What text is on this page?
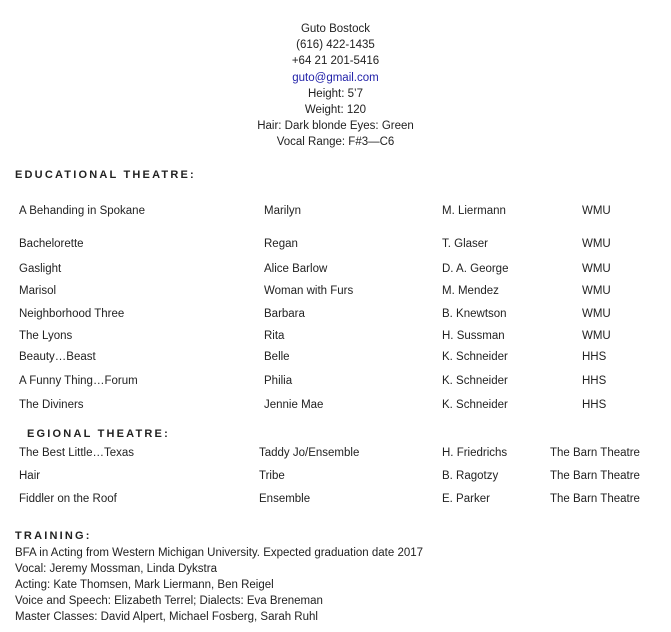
Guto Bostock
(616) 422-1435
+64 21 201-5416
guto@gmail.com
Height: 5’7
Weight: 120
Hair: Dark blonde Eyes: Green
Vocal Range: F#3—C6
EDUCATIONAL THEATRE:
A Behanding in Spokane	Marilyn	M. Liermann	WMU
Bachelorette	Regan	T. Glaser	WMU
Gaslight	Alice Barlow	D. A. George	WMU
Marisol	Woman with Furs	M. Mendez	WMU
Neighborhood Three	Barbara	B. Knewtson	WMU
The Lyons	Rita	H. Sussman	WMU
Beauty…Beast	Belle	K. Schneider	HHS
A Funny Thing…Forum	Philia	K. Schneider	HHS
The Diviners	Jennie Mae	K. Schneider	HHS
EGIONAL THEATRE:
The Best Little…Texas	Taddy Jo/Ensemble	H. Friedrichs	The Barn Theatre
Hair	Tribe	B. Ragotzy	The Barn Theatre
Fiddler on the Roof	Ensemble	E. Parker	The Barn Theatre
TRAINING:
BFA in Acting from Western Michigan University. Expected graduation date 2017
Vocal: Jeremy Mossman, Linda Dykstra
Acting: Kate Thomsen, Mark Liermann, Ben Reigel
Voice and Speech: Elizabeth Terrel; Dialects: Eva Breneman
Master Classes: David Alpert, Michael Fosberg, Sarah Ruhl
